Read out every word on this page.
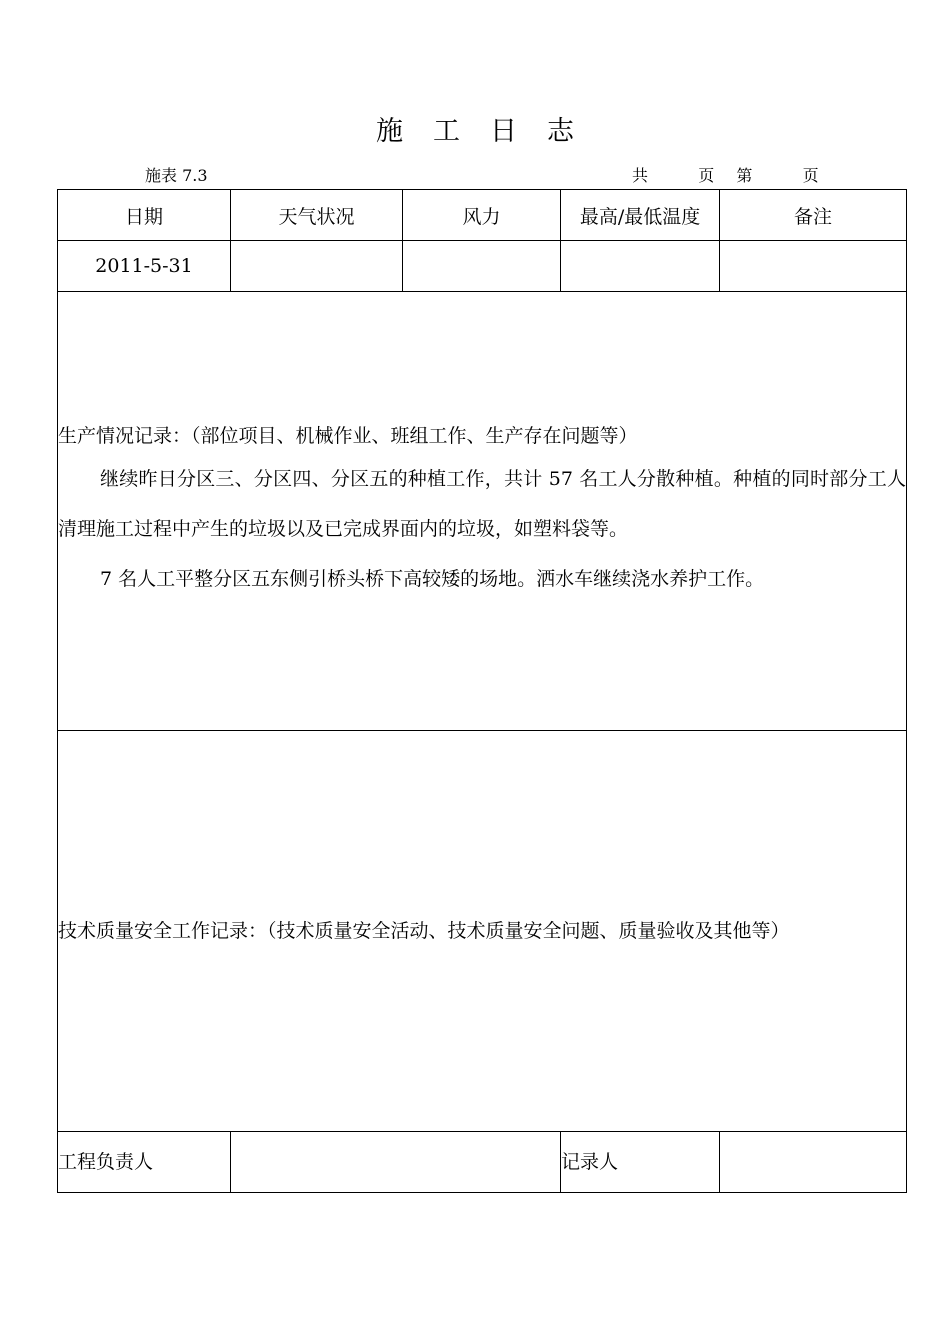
施工日志
施表 7.3	共	页 第	页
日期	天气状况	风力	最高/最低温度	备注
2011-5-31				

生产情况记录：（部位项目、机械作业、班组工作、生产存在问题等）

继续昨日分区三、分区四、分区五的种植工作，共计 57 名工人分散种植。种植的同时部分工人清理施工过程中产生的垃圾以及已完成界面内的垃圾，如塑料袋等。

7 名人工平整分区五东侧引桥头桥下高较矮的场地。洒水车继续浇水养护工作。				

技术质量安全工作记录：（技术质量安全活动、技术质量安全问题、质量验收及其他等）				

工程负责人			记录人	
